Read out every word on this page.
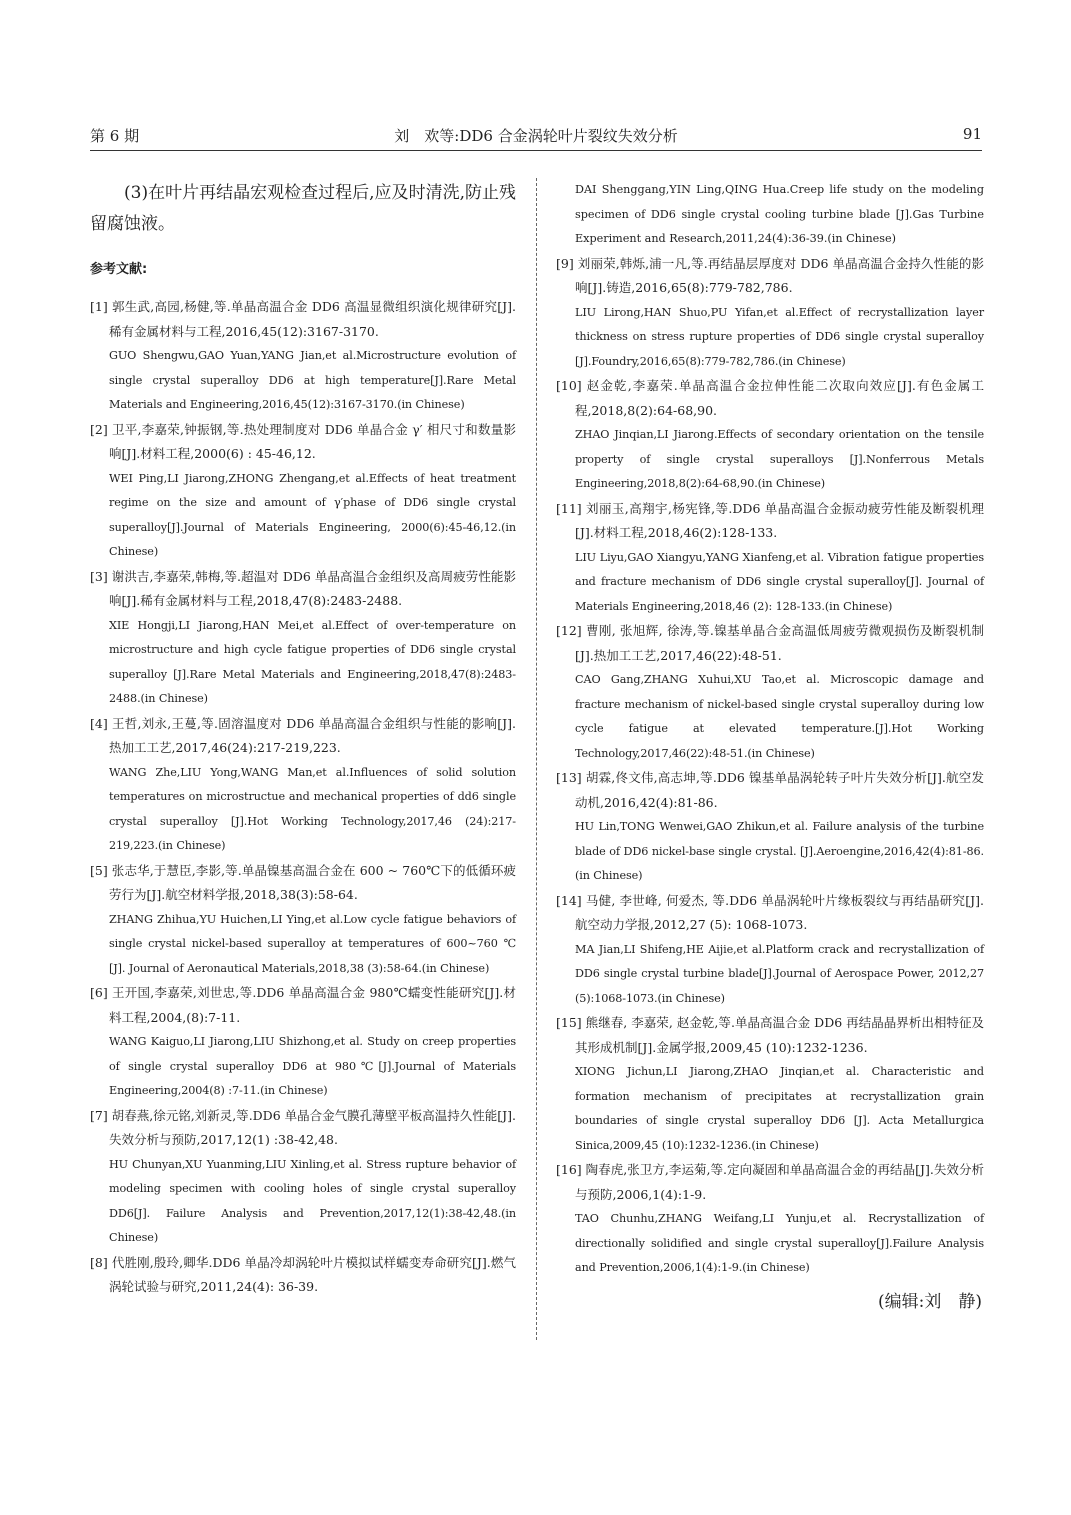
第 6 期	刘　欢等:DD6 合金涡轮叶片裂纹失效分析	91

(3)在叶片再结晶宏观检查过程后,应及时清洗,防止残留腐蚀液。

参考文献:
[1] 郭生武,高园,杨健,等.单晶高温合金 DD6 高温显微组织演化规律研究[J].稀有金属材料与工程,2016,45(12):3167-3170.
GUO Shengwu,GAO Yuan,YANG Jian,et al.Microstructure evolution of single crystal superalloy DD6 at high temperature[J].Rare Metal Materials and Engineering,2016,45(12):3167-3170.(in Chinese)
[2] 卫平,李嘉荣,钟振钢,等.热处理制度对 DD6 单晶合金 γ′ 相尺寸和数量影响[J].材料工程,2000(6) : 45-46,12.
WEI Ping,LI Jiarong,ZHONG Zhengang,et al.Effects of heat treatment regime on the size and amount of γ′phase of DD6 single crystal superalloy[J].Journal of Materials Engineering, 2000(6):45-46,12.(in Chinese)
[3] 谢洪吉,李嘉荣,韩梅,等.超温对 DD6 单晶高温合金组织及高周疲劳性能影响[J].稀有金属材料与工程,2018,47(8):2483-2488.
XIE Hongji,LI Jiarong,HAN Mei,et al.Effect of over-temperature on microstructure and high cycle fatigue properties of DD6 single crystal superalloy [J].Rare Metal Materials and Engineering,2018,47(8):2483-2488.(in Chinese)
[4] 王哲,刘永,王蔓,等.固溶温度对 DD6 单晶高温合金组织与性能的影响[J].热加工工艺,2017,46(24):217-219,223.
WANG Zhe,LIU Yong,WANG Man,et al.Influences of solid solution temperatures on microstructue and mechanical properties of dd6 single crystal superalloy [J].Hot Working Technology,2017,46 (24):217-219,223.(in Chinese)
[5] 张志华,于慧臣,李影,等.单晶镍基高温合金在 600 ~ 760℃下的低循环疲劳行为[J].航空材料学报,2018,38(3):58-64.
ZHANG Zhihua,YU Huichen,LI Ying,et al.Low cycle fatigue behaviors of single crystal nickel-based superalloy at temperatures of 600~760 ℃ [J]. Journal of Aeronautical Materials,2018,38 (3):58-64.(in Chinese)
[6] 王开国,李嘉荣,刘世忠,等.DD6 单晶高温合金 980℃蠕变性能研究[J].材料工程,2004,(8):7-11.
WANG Kaiguo,LI Jiarong,LIU Shizhong,et al. Study on creep properties of single crystal superalloy DD6 at 980℃[J].Journal of Materials Engineering,2004(8) :7-11.(in Chinese)
[7] 胡春燕,徐元铭,刘新灵,等.DD6 单晶合金气膜孔薄壁平板高温持久性能[J].失效分析与预防,2017,12(1) :38-42,48.
HU Chunyan,XU Yuanming,LIU Xinling,et al. Stress rupture behavior of modeling specimen with cooling holes of single crystal superalloy DD6[J]. Failure Analysis and Prevention,2017,12(1):38-42,48.(in Chinese)
[8] 代胜刚,殷玲,卿华.DD6 单晶冷却涡轮叶片模拟试样蠕变寿命研究[J].燃气涡轮试验与研究,2011,24(4): 36-39.
DAI Shenggang,YIN Ling,QING Hua.Creep life study on the modeling specimen of DD6 single crystal cooling turbine blade [J].Gas Turbine Experiment and Research,2011,24(4):36-39.(in Chinese)
[9] 刘丽荣,韩烁,浦一凡,等.再结晶层厚度对 DD6 单晶高温合金持久性能的影响[J].铸造,2016,65(8):779-782,786.
LIU Lirong,HAN Shuo,PU Yifan,et al.Effect of recrystallization layer thickness on stress rupture properties of DD6 single crystal superalloy [J].Foundry,2016,65(8):779-782,786.(in Chinese)
[10] 赵金乾,李嘉荣.单晶高温合金拉伸性能二次取向效应[J].有色金属工程,2018,8(2):64-68,90.
ZHAO Jinqian,LI Jiarong.Effects of secondary orientation on the tensile property of single crystal superalloys [J].Nonferrous Metals Engineering,2018,8(2):64-68,90.(in Chinese)
[11] 刘丽玉,高翔宇,杨宪锋,等.DD6 单晶高温合金振动疲劳性能及断裂机理[J].材料工程,2018,46(2):128-133.
LIU Liyu,GAO Xiangyu,YANG Xianfeng,et al. Vibration fatigue properties and fracture mechanism of DD6 single crystal superalloy[J]. Journal of Materials Engineering,2018,46 (2): 128-133.(in Chinese)
[12] 曹刚, 张旭辉, 徐涛,等.镍基单晶合金高温低周疲劳微观损伤及断裂机制[J].热加工工艺,2017,46(22):48-51.
CAO Gang,ZHANG Xuhui,XU Tao,et al. Microscopic damage and fracture mechanism of nickel-based single crystal superalloy during low cycle fatigue at elevated temperature.[J].Hot Working Technology,2017,46(22):48-51.(in Chinese)
[13] 胡霖,佟文伟,高志坤,等.DD6 镍基单晶涡轮转子叶片失效分析[J].航空发动机,2016,42(4):81-86.
HU Lin,TONG Wenwei,GAO Zhikun,et al. Failure analysis of the turbine blade of DD6 nickel-base single crystal. [J].Aeroengine,2016,42(4):81-86.(in Chinese)
[14] 马健, 李世峰, 何爱杰, 等.DD6 单晶涡轮叶片缘板裂纹与再结晶研究[J].航空动力学报,2012,27 (5): 1068-1073.
MA Jian,LI Shifeng,HE Aijie,et al.Platform crack and recrystallization of DD6 single crystal turbine blade[J].Journal of Aerospace Power, 2012,27 (5):1068-1073.(in Chinese)
[15] 熊继春, 李嘉荣, 赵金乾,等.单晶高温合金 DD6 再结晶晶界析出相特征及其形成机制[J].金属学报,2009,45 (10):1232-1236.
XIONG Jichun,LI Jiarong,ZHAO Jinqian,et al. Characteristic and formation mechanism of precipitates at recrystallization grain boundaries of single crystal superalloy DD6 [J]. Acta Metallurgica Sinica,2009,45 (10):1232-1236.(in Chinese)
[16] 陶春虎,张卫方,李运菊,等.定向凝固和单晶高温合金的再结晶[J].失效分析与预防,2006,1(4):1-9.
TAO Chunhu,ZHANG Weifang,LI Yunju,et al. Recrystallization of directionally solidified and single crystal superalloy[J].Failure Analysis and Prevention,2006,1(4):1-9.(in Chinese)
(编辑:刘　静)
